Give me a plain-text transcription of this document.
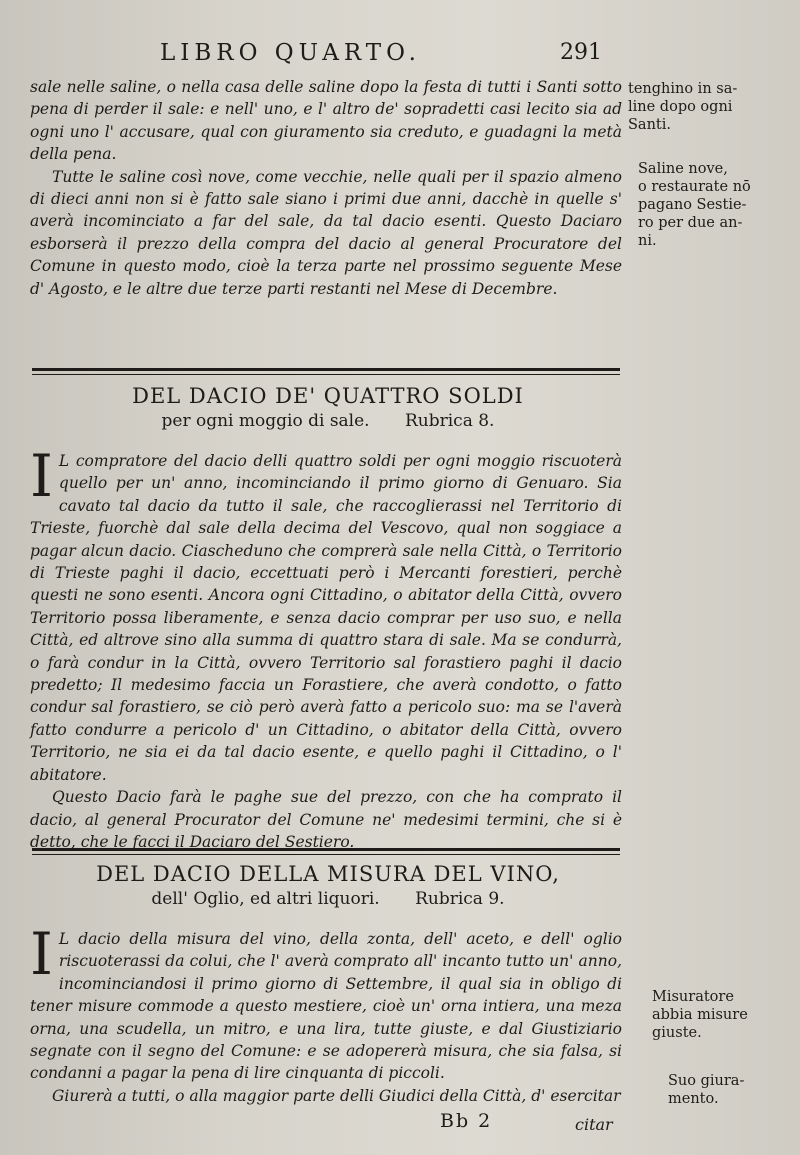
LIBRO QUARTO.	291

sale nelle saline, o nella casa delle saline dopo la festa di tutti i Santi sotto pena di perder il sale: e nell' uno, e l' altro de' sopradetti casi lecito sia ad ogni uno l' accusare, qual con giuramento sia creduto, e guadagni la metà della pena.

Tutte le saline così nove, come vecchie, nelle quali per il spazio almeno di dieci anni non si è fatto sale siano i primi due anni, dacchè in quelle s' averà incominciato a far del sale, da tal dacio esenti. Questo Daciaro esborserà il prezzo della compra del dacio al general Procuratore del Comune in questo modo, cioè la terza parte nel prossimo seguente Mese d' Agosto, e le altre due terze parti restanti nel Mese di Decembre.

tenghino in sa-
line dopo ogni
Santi.
Saline nove,
o restaurate nō
pagano Sestie-
ro per due an-
ni.
DEL DACIO DE' QUATTRO SOLDI
per ogni moggio di sale. Rubrica 8.

I L compratore del dacio delli quattro soldi per ogni moggio riscuoterà quello per un' anno, incominciando il primo giorno di Genuaro. Sia cavato tal dacio da tutto il sale, che raccoglierassi nel Territorio di Trieste, fuorchè dal sale della decima del Vescovo, qual non soggiace a pagar alcun dacio. Ciascheduno che comprerà sale nella Città, o Territorio di Trieste paghi il dacio, eccettuati però i Mercanti forestieri, perchè questi ne sono esenti. Ancora ogni Cittadino, o abitator della Città, ovvero Territorio possa liberamente, e senza dacio comprar per uso suo, e nella Città, ed altrove sino alla summa di quattro stara di sale. Ma se condurrà, o farà condur in la Città, ovvero Territorio sal forastiero paghi il dacio predetto; Il medesimo faccia un Forastiere, che averà condotto, o fatto condur sal forastiero, se ciò però averà fatto a pericolo suo: ma se l'averà fatto condurre a pericolo d' un Cittadino, o abitator della Città, ovvero Territorio, ne sia ei da tal dacio esente, e quello paghi il Cittadino, o l' abitatore.

Questo Dacio farà le paghe sue del prezzo, con che ha comprato il dacio, al general Procurator del Comune ne' medesimi termini, che si è detto, che le facci il Daciaro del Sestiero.

DEL DACIO DELLA MISURA DEL VINO,
dell' Oglio, ed altri liquori. Rubrica 9.

I L dacio della misura del vino, della zonta, dell' aceto, e dell' oglio riscuoterassi da colui, che l' averà comprato all' incanto tutto un' anno, incominciandosi il primo giorno di Settembre, il qual sia in obligo di tener misure commode a questo mestiere, cioè un' orna intiera, una meza orna, una scudella, un mitro, e una lira, tutte giuste, e dal Giustiziario segnate con il segno del Comune: e se adopererà misura, che sia falsa, si condanni a pagar la pena di lire cinquanta di piccoli.

Giurerà a tutti, o alla maggior parte delli Giudici della Città, d' esercitar

Misuratore
abbia misure
giuste.
Suo giura-
mento.
Bb 2	citar
